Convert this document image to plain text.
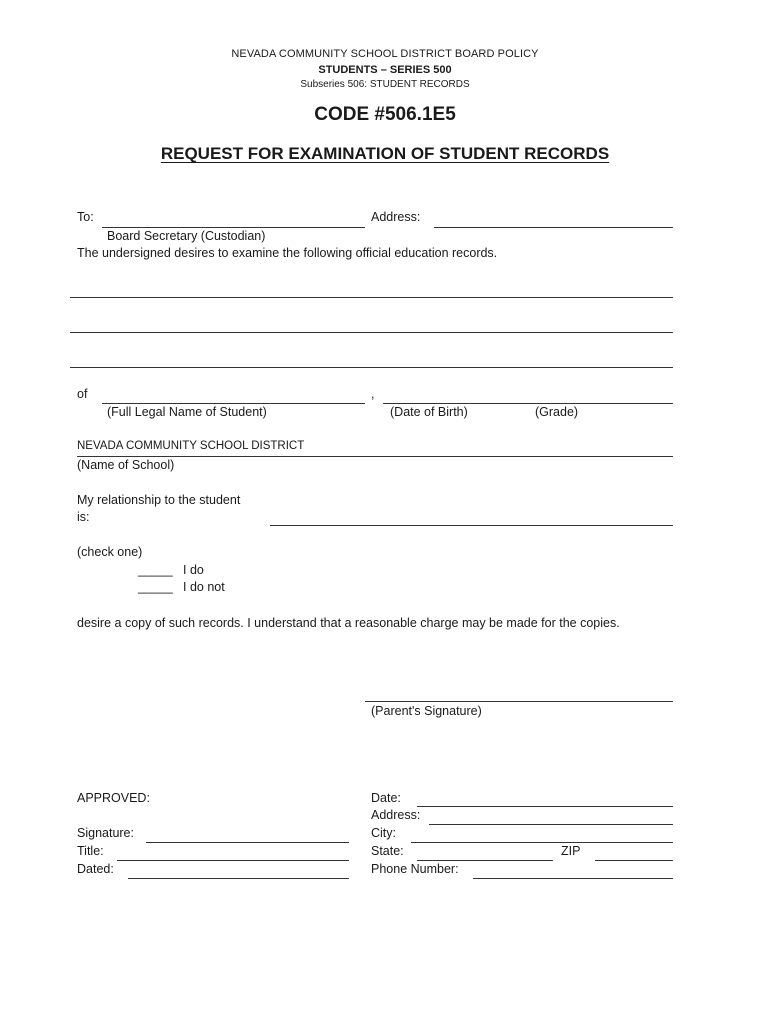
NEVADA COMMUNITY SCHOOL DISTRICT BOARD POLICY
STUDENTS – SERIES 500
Subseries 506: STUDENT RECORDS
CODE #506.1E5
REQUEST FOR EXAMINATION OF STUDENT RECORDS
To:	Address:
Board Secretary (Custodian)
The undersigned desires to examine the following official education records.
of	,
(Full Legal Name of Student)	(Date of Birth)	(Grade)
NEVADA COMMUNITY SCHOOL DISTRICT
(Name of School)
My relationship to the student
is:
(check one)
_____ I do
_____ I do not
desire a copy of such records. I understand that a reasonable charge may be made for the copies.
(Parent's Signature)
APPROVED:
Signature:
Title:
Dated:
Date:
Address:
City:
State:	ZIP
Phone Number:
